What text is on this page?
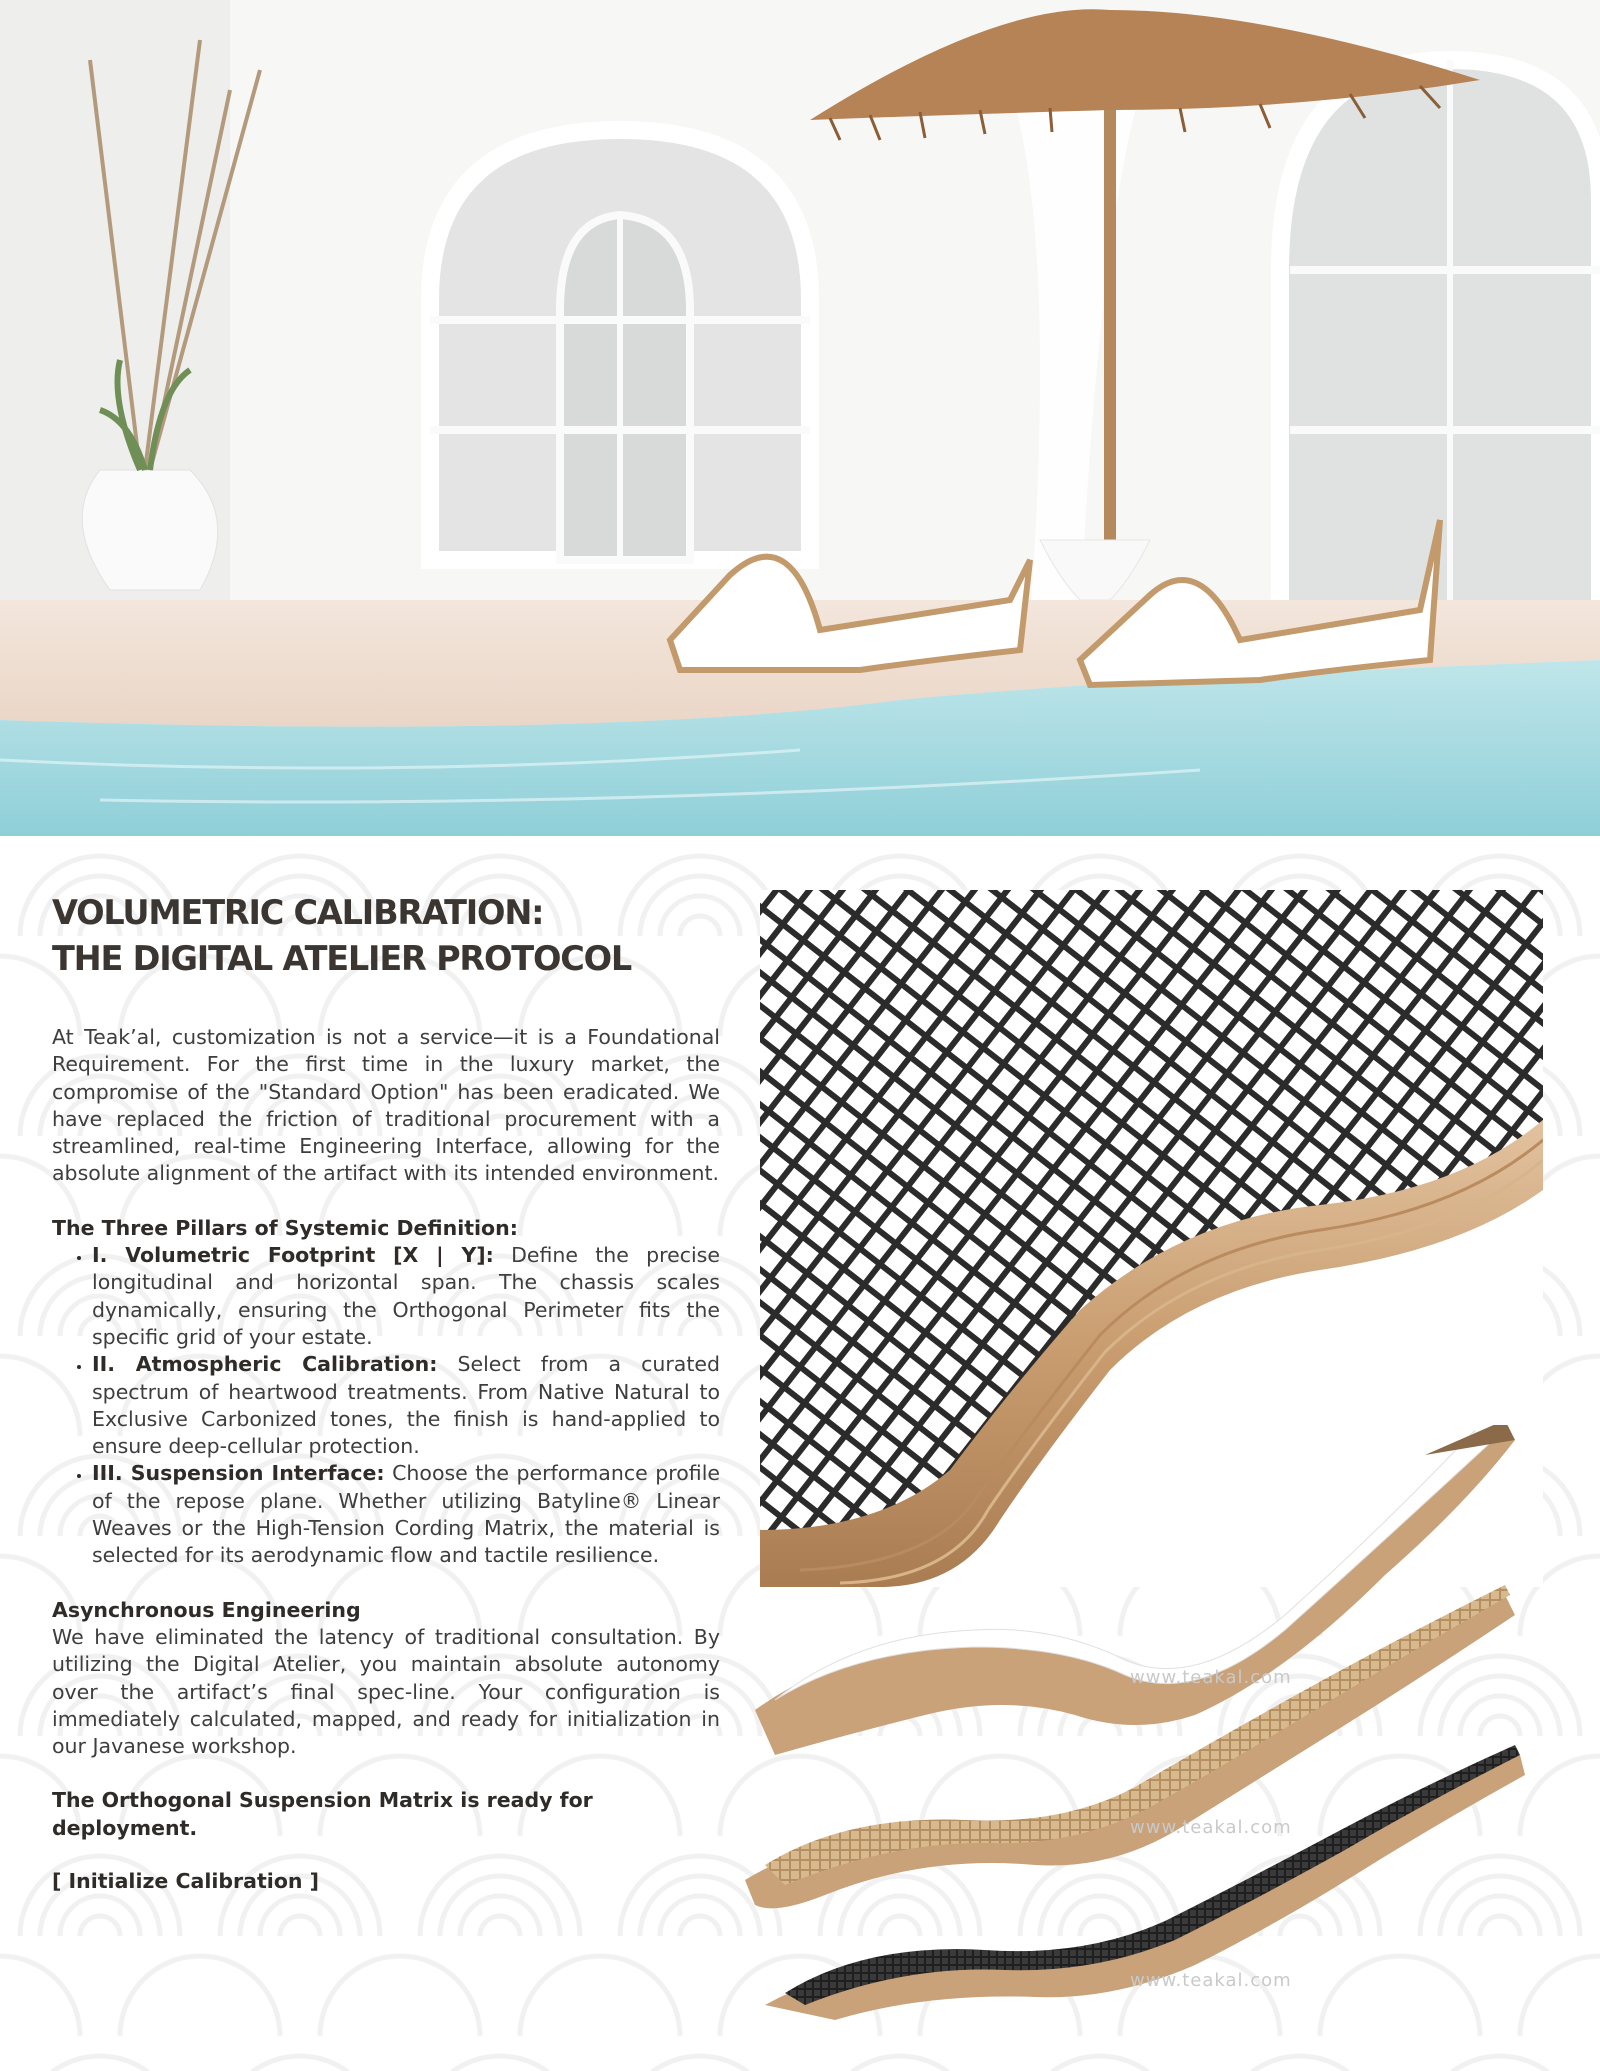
VOLUMETRIC CALIBRATION:
THE DIGITAL ATELIER PROTOCOL

At Teak’al, customization is not a service—it is a Foundational Requirement. For the first time in the luxury market, the compromise of the "Standard Option" has been eradicated. We have replaced the friction of traditional procurement with a streamlined, real-time Engineering Interface, allowing for the absolute alignment of the artifact with its intended environment.

The Three Pillars of Systemic Definition:

• I. Volumetric Footprint [X | Y]: Define the precise longitudinal and horizontal span. The chassis scales dynamically, ensuring the Orthogonal Perimeter fits the specific grid of your estate.
• II. Atmospheric Calibration: Select from a curated spectrum of heartwood treatments. From Native Natural to Exclusive Carbonized tones, the finish is hand-applied to ensure deep-cellular protection.
• III. Suspension Interface: Choose the performance profile of the repose plane. Whether utilizing Batyline® Linear Weaves or the High-Tension Cording Matrix, the material is selected for its aerodynamic flow and tactile resilience.

Asynchronous Engineering

We have eliminated the latency of traditional consultation. By utilizing the Digital Atelier, you maintain absolute autonomy over the artifact’s final spec-line. Your configuration is immediately calculated, mapped, and ready for initialization in our Javanese workshop.

The Orthogonal Suspension Matrix is ready for deployment.

[ Initialize Calibration ]
www.teakal.com
www.teakal.com
www.teakal.com
